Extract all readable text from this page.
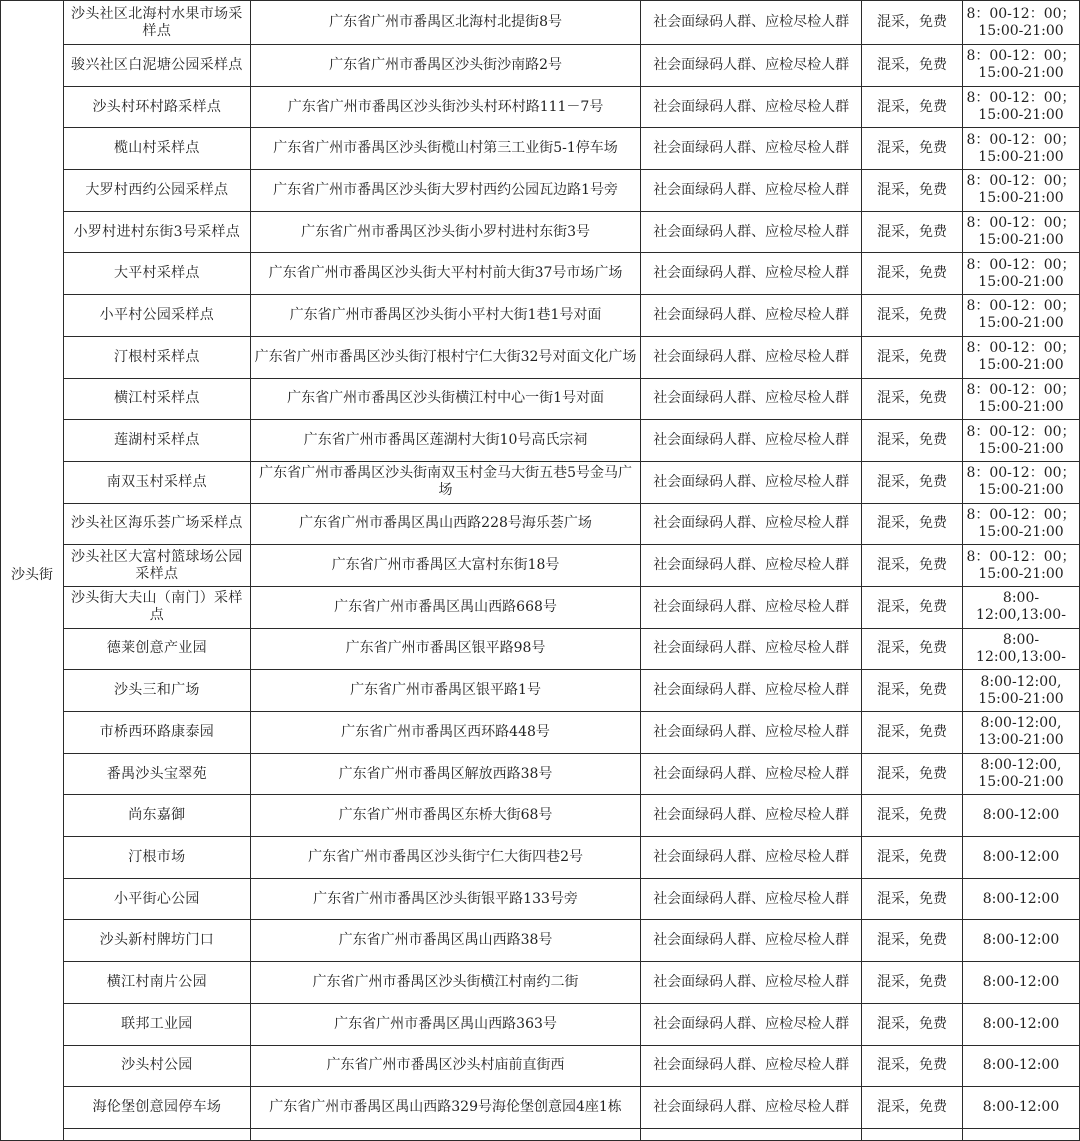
沙头街	沙头社区北海村水果市场采样点	广东省广州市番禺区北海村北提街8号	社会面绿码人群、应检尽检人群	混采，免费	8：00-12：00；
15:00-21:00

	骏兴社区白泥塘公园采样点	广东省广州市番禺区沙头街沙南路2号	社会面绿码人群、应检尽检人群	混采，免费	8：00-12：00；
15:00-21:00

	沙头村环村路采样点	广东省广州市番禺区沙头街沙头村环村路111－7号	社会面绿码人群、应检尽检人群	混采，免费	8：00-12：00；
15:00-21:00

	榄山村采样点	广东省广州市番禺区沙头街榄山村第三工业街5-1停车场	社会面绿码人群、应检尽检人群	混采，免费	8：00-12：00；
15:00-21:00

	大罗村西约公园采样点	广东省广州市番禺区沙头街大罗村西约公园瓦边路1号旁	社会面绿码人群、应检尽检人群	混采，免费	8：00-12：00；
15:00-21:00

	小罗村进村东街3号采样点	广东省广州市番禺区沙头街小罗村进村东街3号	社会面绿码人群、应检尽检人群	混采，免费	8：00-12：00；
15:00-21:00

	大平村采样点	广东省广州市番禺区沙头街大平村村前大街37号市场广场	社会面绿码人群、应检尽检人群	混采，免费	8：00-12：00；
15:00-21:00

	小平村公园采样点	广东省广州市番禺区沙头街小平村大街1巷1号对面	社会面绿码人群、应检尽检人群	混采，免费	8：00-12：00；
15:00-21:00

	汀根村采样点	广东省广州市番禺区沙头街汀根村宁仁大街32号对面文化广场	社会面绿码人群、应检尽检人群	混采，免费	8：00-12：00；
15:00-21:00

	横江村采样点	广东省广州市番禺区沙头街横江村中心一街1号对面	社会面绿码人群、应检尽检人群	混采，免费	8：00-12：00；
15:00-21:00

	莲湖村采样点	广东省广州市番禺区莲湖村大街10号高氏宗祠	社会面绿码人群、应检尽检人群	混采，免费	8：00-12：00；
15:00-21:00

	南双玉村采样点	广东省广州市番禺区沙头街南双玉村金马大街五巷5号金马广场	社会面绿码人群、应检尽检人群	混采，免费	8：00-12：00；
15:00-21:00

	沙头社区海乐荟广场采样点	广东省广州市番禺区禺山西路228号海乐荟广场	社会面绿码人群、应检尽检人群	混采，免费	8：00-12：00；
15:00-21:00

	沙头社区大富村篮球场公园采样点	广东省广州市番禺区大富村东街18号	社会面绿码人群、应检尽检人群	混采，免费	8：00-12：00；
15:00-21:00

	沙头街大夫山（南门）采样点	广东省广州市番禺区禺山西路668号	社会面绿码人群、应检尽检人群	混采，免费	8:00-
12:00,13:00-

	德莱创意产业园	广东省广州市番禺区银平路98号	社会面绿码人群、应检尽检人群	混采，免费	8:00-
12:00,13:00-

	沙头三和广场	广东省广州市番禺区银平路1号	社会面绿码人群、应检尽检人群	混采，免费	8:00-12:00,
15:00-21:00

	市桥西环路康泰园	广东省广州市番禺区西环路448号	社会面绿码人群、应检尽检人群	混采，免费	8:00-12:00,
13:00-21:00

	番禺沙头宝翠苑	广东省广州市番禺区解放西路38号	社会面绿码人群、应检尽检人群	混采，免费	8:00-12:00,
15:00-21:00

	尚东嘉御	广东省广州市番禺区东桥大街68号	社会面绿码人群、应检尽检人群	混采，免费	8:00-12:00

	汀根市场	广东省广州市番禺区沙头街宁仁大街四巷2号	社会面绿码人群、应检尽检人群	混采，免费	8:00-12:00

	小平街心公园	广东省广州市番禺区沙头街银平路133号旁	社会面绿码人群、应检尽检人群	混采，免费	8:00-12:00

	沙头新村牌坊门口	广东省广州市番禺区禺山西路38号	社会面绿码人群、应检尽检人群	混采，免费	8:00-12:00

	横江村南片公园	广东省广州市番禺区沙头街横江村南约二街	社会面绿码人群、应检尽检人群	混采，免费	8:00-12:00

	联邦工业园	广东省广州市番禺区禺山西路363号	社会面绿码人群、应检尽检人群	混采，免费	8:00-12:00

	沙头村公园	广东省广州市番禺区沙头村庙前直街西	社会面绿码人群、应检尽检人群	混采，免费	8:00-12:00

	海伦堡创意园停车场	广东省广州市番禺区禺山西路329号海伦堡创意园4座1栋	社会面绿码人群、应检尽检人群	混采，免费	8:00-12:00
